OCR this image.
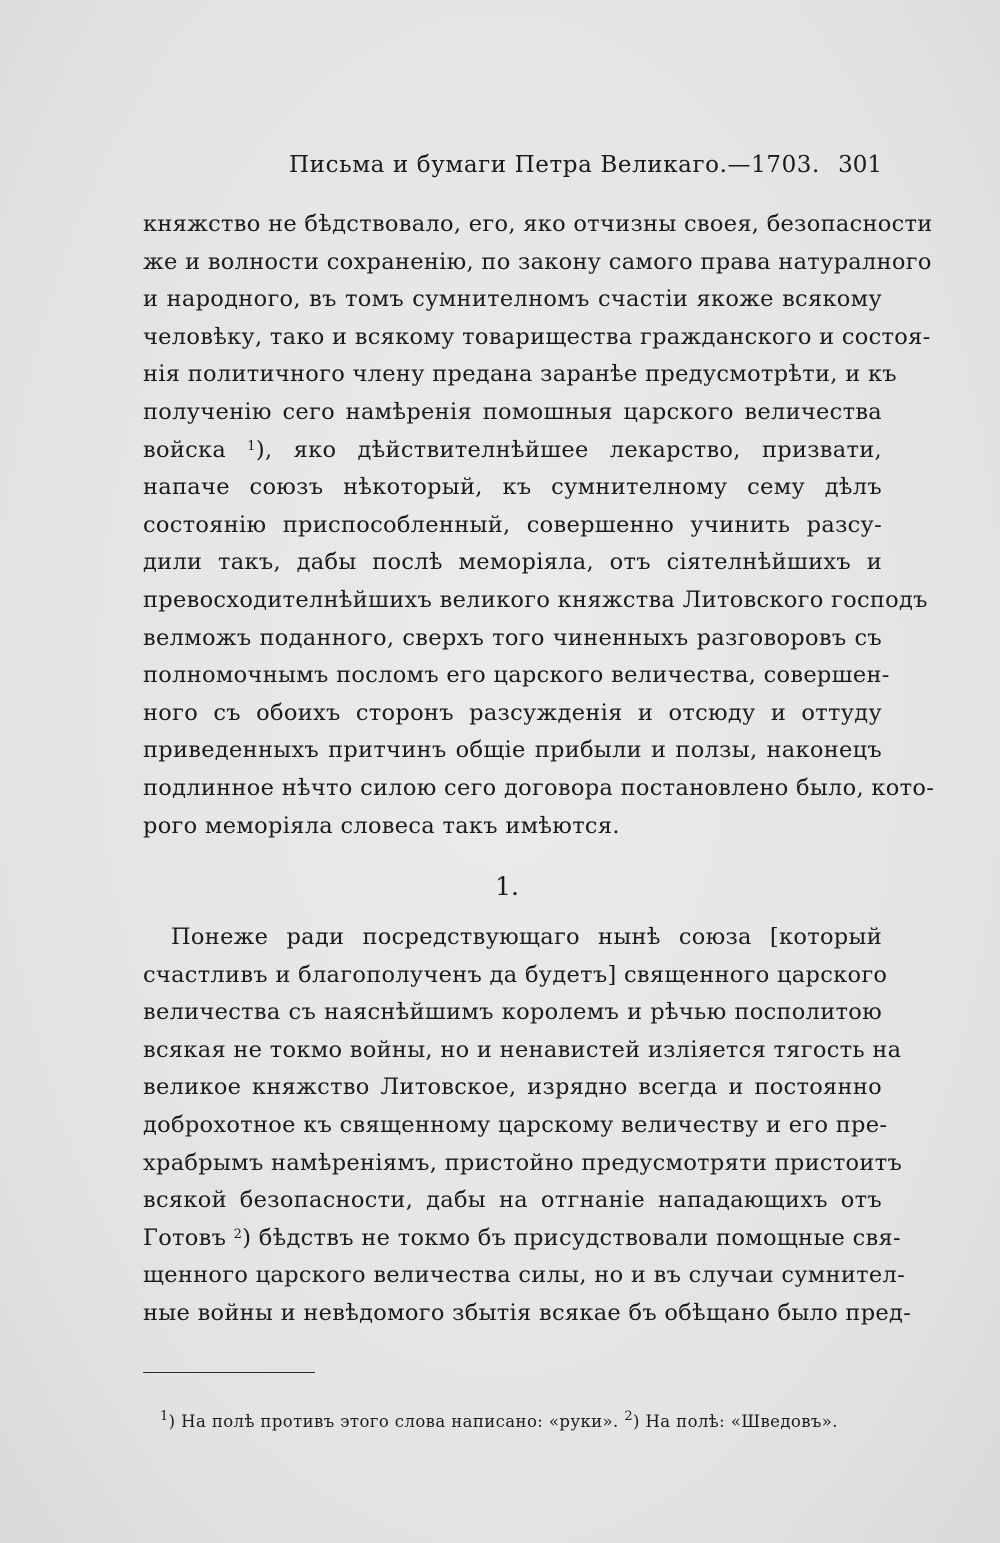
Письма и бумаги Петра Великаго.—1703. 301
княжство не бѣдствовало, его, яко отчизны своея, безопасности
же и волности сохраненію, по закону самого права натуралного
и народного, въ томъ сумнителномъ счастіи якоже всякому
человѣку, тако и всякому товарищества гражданского и состоя-
нія политичного члену предана заранѣе предусмотрѣти, и къ
полученію сего намѣренія помошныя царского величества
войска $^1$), яко дѣйствителнѣйшее лекарство, призвати,
напаче союзъ нѣкоторый, къ сумнителному сему дѣлъ
состоянію приспособленный, совершенно учинить разсу-
дили такъ, дабы послѣ меморіяла, отъ сіятелнѣйшихъ и
превосходителнѣйшихъ великого княжства Литовского господъ
велможъ поданного, сверхъ того чиненныхъ разговоровъ съ
полномочнымъ посломъ его царского величества, совершен-
ного съ обоихъ сторонъ разсужденія и отсюду и оттуду
приведенныхъ притчинъ общіе прибыли и ползы, наконецъ
подлинное нѣчто силою сего договора постановлено было, кото-
рого меморіяла словеса такъ имѣются.
1.
Понеже ради посредствующаго нынѣ союза [который
счастливъ и благополученъ да будетъ] священного царского
величества съ наяснѣйшимъ королемъ и рѣчью посполитою
всякая не токмо войны, но и ненавистей изліяется тягость на
великое княжство Литовское, изрядно всегда и постоянно
доброхотное къ священному царскому величеству и его пре-
храбрымъ намѣреніямъ, пристойно предусмотряти пристоитъ
всякой безопасности, дабы на отгнаніе нападающихъ отъ
Готовъ $^2$) бѣдствъ не токмо бъ присудствовали помощные свя-
щенного царского величества силы, но и въ случаи сумнител-
ные войны и невѣдомого збытія всякае бъ обѣщано было пред-
$^1$) На полѣ противъ этого слова написано: «руки». $^2$) На полѣ: «Шведовъ».
